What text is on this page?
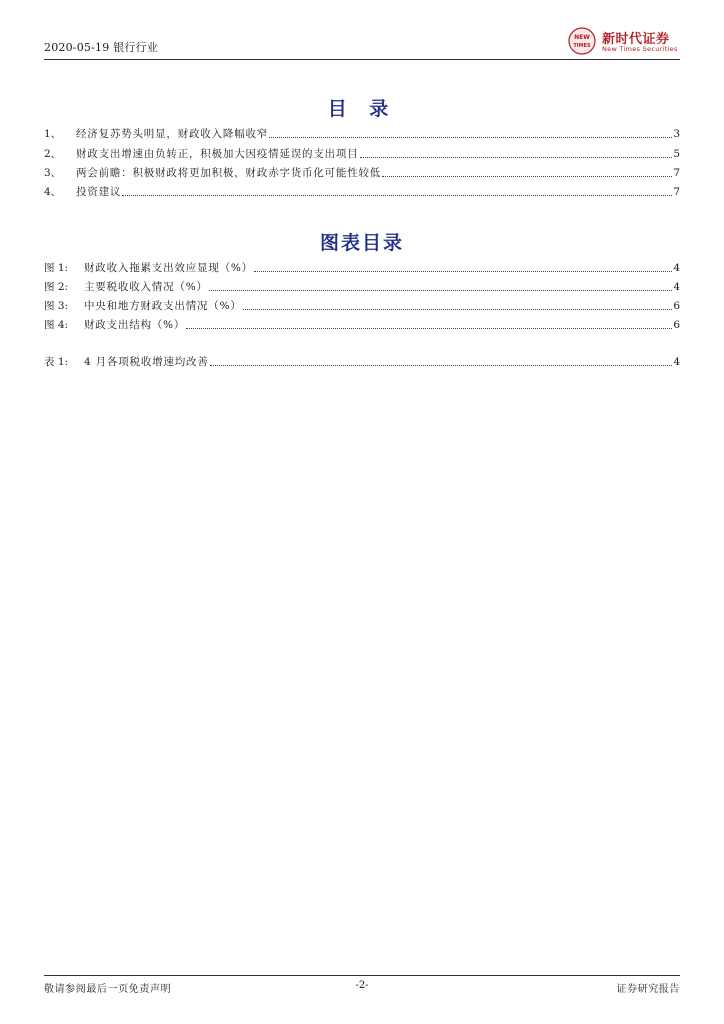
2020-05-19 银行行业
NEW
TIMES 新时代证券
New Times Securities
目 录
1、	经济复苏势头明显，财政收入降幅收窄	3
2、	财政支出增速由负转正，积极加大因疫情延误的支出项目	5
3、	两会前瞻：积极财政将更加积极，财政赤字货币化可能性较低	7
4、	投资建议	7
图表目录
图 1:	财政收入拖累支出效应显现（%）	4
图 2:	主要税收收入情况（%）	4
图 3:	中央和地方财政支出情况（%）	6
图 4:	财政支出结构（%）	6
表 1:	4 月各项税收增速均改善	4
敬请参阅最后一页免责声明	-2-	证券研究报告
